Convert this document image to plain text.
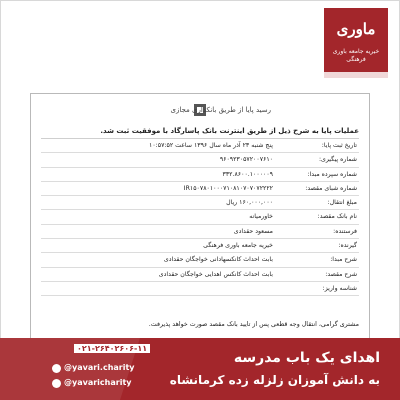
ماوری
خیریه جامعه باوری فرهنگی
رسید پایا از طریق بانکداری مجازی
عملیات پایا به شرح ذیل از طریق اینترنت بانک پاسارگاد با موفقیت ثبت شد.
تاریخ ثبت پایا:
پنج شنبه ۲۳ آذر ماه سال ۱۳۹۶ ساعت ۱۰:۵۷:۵۲
شماره پیگیری:
۹۶۰۹۲۳۰۵۷۲۰۰۷۶۱۰
شماره سپرده مبدا:
۳۳۲.۸۶۰۰.۱۰۰۰۰۰۹
شماره شبای مقصد:
IR۱۵۰۷۸۰۱۰۰۰۷۱۰۸۱۰۷۰۷۰۷۲۲۲۲
مبلغ انتقال:
۱۶۰,۰۰۰,۰۰۰ ریال
نام بانک مقصد:
خاورمیانه
فرستنده:
مسعود حقدادی
گیرنده:
خیریه جامعه باوری فرهنگی
شرح مبدا:
بابت احداث کانکسهادانی خواجگان حقدادی
شرح مقصد:
بابت احداث کانکس اهدایی خواجگان حقدادی
شناسه واریز:
مشتری گرامی، انتقال وجه قطعی پس از تایید بانک مقصد صورت خواهد پذیرفت.
اهدای یک باب مدرسه
به دانش آموزان زلزله زده کرمانشاه
۰۲۱-۲۶۴۰۲۶۰۶-۱۱
@yavari.charity
@yavaricharity
